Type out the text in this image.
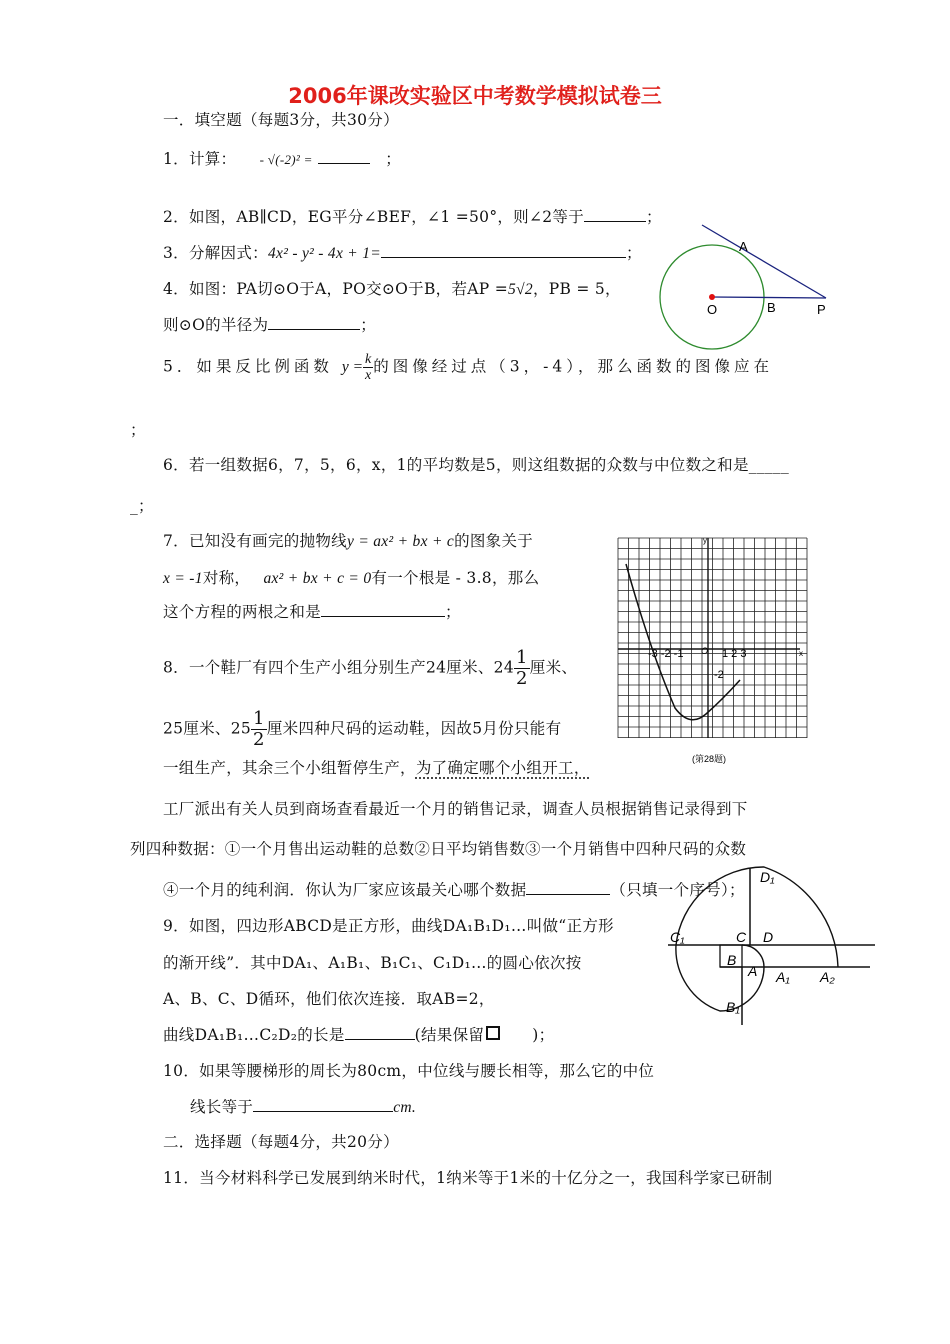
2006年课改实验区中考数学模拟试卷三
一．填空题（每题3分，共30分）
1．计算： - √(-2)² =	；
2．如图，AB∥CD，EG平分∠BEF，∠1 =50°，则∠2等于	；
3．分解因式：4x² - y² - 4x + 1=	；
4．如图：PA切⊙O于A，PO交⊙O于B，若AP =5√2，PB = 5，
则⊙O的半径为	；
5．如果反比例函数 $y = \frac{k}{x}$ 的图像经过点（3，-4），那么函数的图像应在
；
6．若一组数据6，7，5，6，x，1的平均数是5，则这组数据的众数与中位数之和是_____
_；
7．已知没有画完的抛物线y = ax² + bx + c的图象关于
x = -1对称， ax² + bx + c = 0有一个根是 - 3.8，那么
这个方程的两根之和是	；
8．一个鞋厂有四个生产小组分别生产24厘米、$24 \frac{1}{2}$ 厘米、
25厘米、$25 \frac{1}{2}$ 厘米四种尺码的运动鞋，因故5月份只能有
一组生产，其余三个小组暂停生产，为了确定哪个小组开工，
工厂派出有关人员到商场查看最近一个月的销售记录，调查人员根据销售记录得到下
列四种数据：①一个月售出运动鞋的总数②日平均销售数③一个月销售中四种尺码的众数
④一个月的纯利润．你认为厂家应该最关心哪个数据	（只填一个序号）；
9．如图，四边形ABCD是正方形，曲线DA₁B₁D₁…叫做“正方形
的渐开线”．其中DA₁、A₁B₁、B₁C₁、C₁D₁…的圆心依次按
A、B、C、D循环，他们依次连接．取AB=2，
曲线DA₁B₁…C₂D₂的长是	(结果保留	)；
10．如果等腰梯形的周长为80cm，中位线与腰长相等，那么它的中位
线长等于	cm.
二．选择题（每题4分，共20分）
11．当今材料科学已发展到纳米时代，1纳米等于1米的十亿分之一，我国科学家已研制
A
O	B	P
-3 -2 -1 O 1 2 3
-2
y
x
(第28题)
D₁
C₁	C D
B
A A₁ A₂
B₁
